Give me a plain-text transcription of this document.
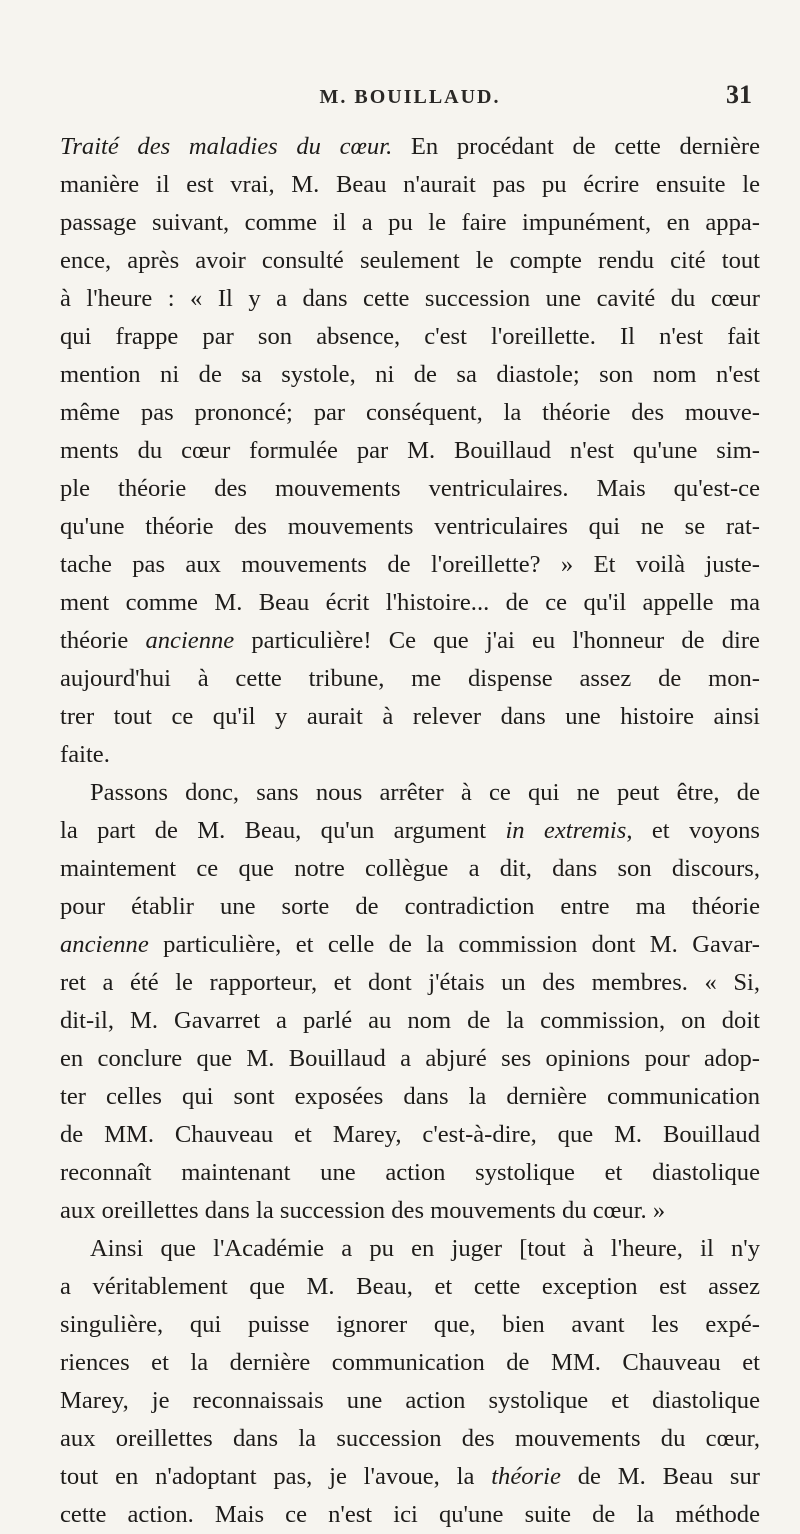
M. BOUILLAUD.	31
Traité des maladies du cœur. En procédant de cette dernière
manière il est vrai, M. Beau n'aurait pas pu écrire ensuite le
passage suivant, comme il a pu le faire impunément, en appa-
ence, après avoir consulté seulement le compte rendu cité tout
à l'heure : « Il y a dans cette succession une cavité du cœur
qui frappe par son absence, c'est l'oreillette. Il n'est fait
mention ni de sa systole, ni de sa diastole; son nom n'est
même pas prononcé; par conséquent, la théorie des mouve-
ments du cœur formulée par M. Bouillaud n'est qu'une sim-
ple théorie des mouvements ventriculaires. Mais qu'est-ce
qu'une théorie des mouvements ventriculaires qui ne se rat-
tache pas aux mouvements de l'oreillette? » Et voilà juste-
ment comme M. Beau écrit l'histoire... de ce qu'il appelle ma
théorie ancienne particulière! Ce que j'ai eu l'honneur de dire
aujourd'hui à cette tribune, me dispense assez de mon-
trer tout ce qu'il y aurait à relever dans une histoire ainsi
faite.
Passons donc, sans nous arrêter à ce qui ne peut être, de
la part de M. Beau, qu'un argument in extremis, et voyons
maintement ce que notre collègue a dit, dans son discours,
pour établir une sorte de contradiction entre ma théorie
ancienne particulière, et celle de la commission dont M. Gavar-
ret a été le rapporteur, et dont j'étais un des membres. « Si,
dit-il, M. Gavarret a parlé au nom de la commission, on doit
en conclure que M. Bouillaud a abjuré ses opinions pour adop-
ter celles qui sont exposées dans la dernière communication
de MM. Chauveau et Marey, c'est-à-dire, que M. Bouillaud
reconnaît maintenant une action systolique et diastolique
aux oreillettes dans la succession des mouvements du cœur. »
Ainsi que l'Académie a pu en juger [tout à l'heure, il n'y
a véritablement que M. Beau, et cette exception est assez
singulière, qui puisse ignorer que, bien avant les expé-
riences et la dernière communication de MM. Chauveau et
Marey, je reconnaissais une action systolique et diastolique
aux oreillettes dans la succession des mouvements du cœur,
tout en n'adoptant pas, je l'avoue, la théorie de M. Beau sur
cette action. Mais ce n'est ici qu'une suite de la méthode
